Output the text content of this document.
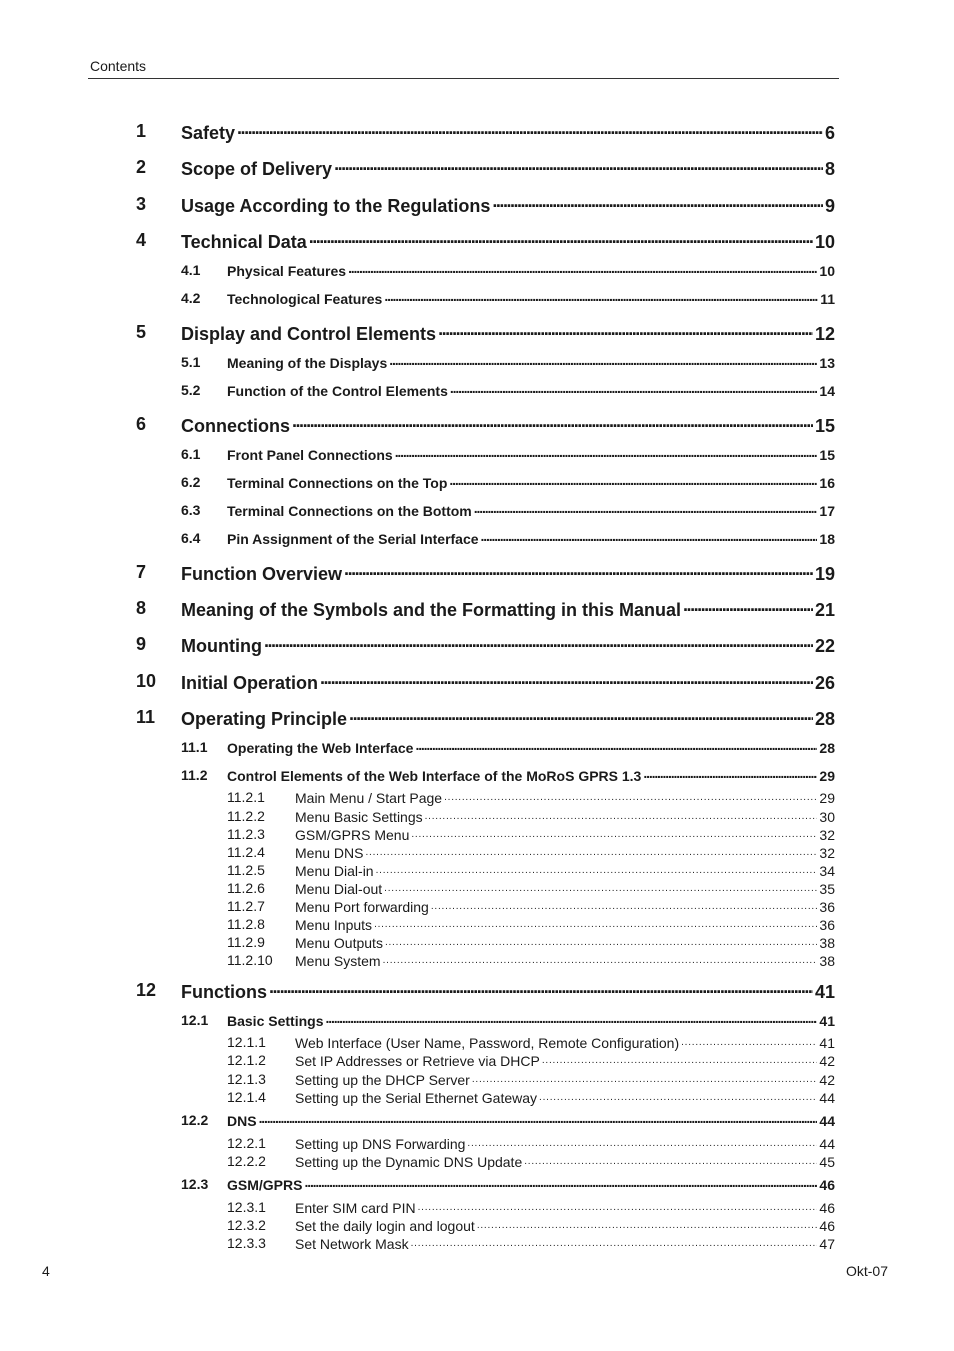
Contents
1 Safety . . .	6
2 Scope of Delivery . . .	8
3 Usage According to the Regulations . . .	9
4 Technical Data . . .	10
4.1 Physical Features . . .	10
4.2 Technological Features . . .	11
5 Display and Control Elements . . .	12
5.1 Meaning of the Displays . . .	13
5.2 Function of the Control Elements . . .	14
6 Connections . . .	15
6.1 Front Panel Connections . . .	15
6.2 Terminal Connections on the Top . . .	16
6.3 Terminal Connections on the Bottom . . .	17
6.4 Pin Assignment of the Serial Interface . . .	18
7 Function Overview . . .	19
8 Meaning of the Symbols and the Formatting in this Manual . . .	21
9 Mounting . . .	22
10 Initial Operation . . .	26
11 Operating Principle . . .	28
11.1 Operating the Web Interface . . .	28
11.2 Control Elements of the Web Interface of the MoRoS GPRS 1.3 . . .	29
11.2.1 Main Menu / Start Page . . .	29
11.2.2 Menu Basic Settings . . .	30
11.2.3 GSM/GPRS Menu . . .	32
11.2.4 Menu DNS . . .	32
11.2.5 Menu Dial-in . . .	34
11.2.6 Menu Dial-out . . .	35
11.2.7 Menu Port forwarding . . .	36
11.2.8 Menu Inputs . . .	36
11.2.9 Menu Outputs . . .	38
11.2.10 Menu System . . .	38
12 Functions . . .	41
12.1 Basic Settings . . .	41
12.1.1 Web Interface (User Name, Password, Remote Configuration) . . .	41
12.1.2 Set IP Addresses or Retrieve via DHCP . . .	42
12.1.3 Setting up the DHCP Server . . .	42
12.1.4 Setting up the Serial Ethernet Gateway . . .	44
12.2 DNS . . .	44
12.2.1 Setting up DNS Forwarding . . .	44
12.2.2 Setting up the Dynamic DNS Update . . .	45
12.3 GSM/GPRS . . .	46
12.3.1 Enter SIM card PIN . . .	46
12.3.2 Set the daily login and logout . . .	46
12.3.3 Set Network Mask . . .	47
4	Okt-07
